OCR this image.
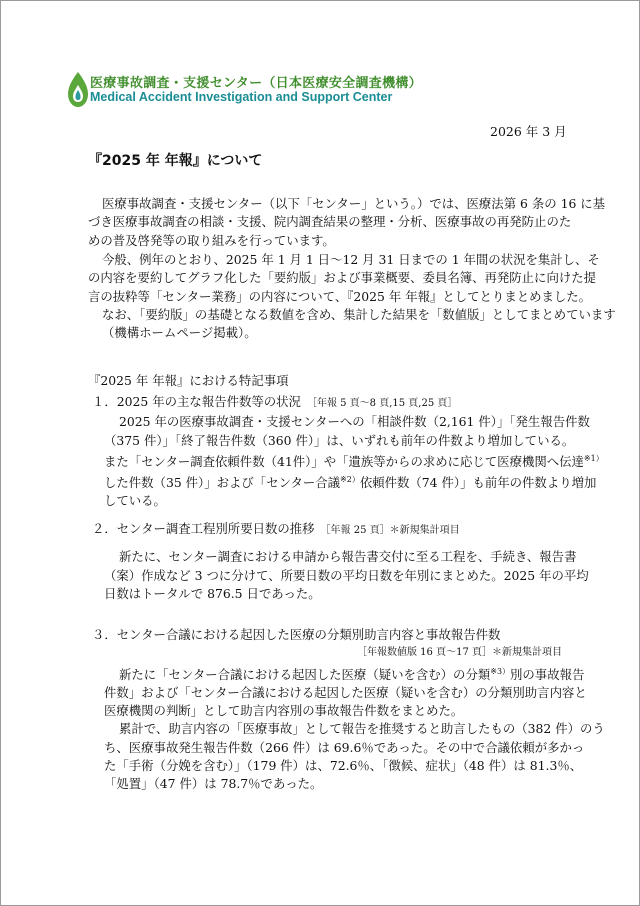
医療事故調査・支援センター（日本医療安全調査機構）
Medical Accident Investigation and Support Center
2026 年 3 月
『2025 年 年報』について
医療事故調査・支援センター（以下「センター」という。）では、医療法第 6 条の 16 に基
づき医療事故調査の相談・支援、院内調査結果の整理・分析、医療事故の再発防止のた
めの普及啓発等の取り組みを行っています。
今般、例年のとおり、2025 年 1 月 1 日～12 月 31 日までの 1 年間の状況を集計し、そ
の内容を要約してグラフ化した「要約版」および事業概要、委員名簿、再発防止に向けた提
言の抜粋等「センター業務」の内容について、『2025 年 年報』としてとりまとめました。
なお、「要約版」の基礎となる数値を含め、集計した結果を「数値版」としてまとめています
（機構ホームページ掲載）。
『2025 年 年報』における特記事項
１．2025 年の主な報告件数等の状況 ［年報 5 頁～8 頁,15 頁,25 頁］
2025 年の医療事故調査・支援センターへの「相談件数（2,161 件）」「発生報告件数
（375 件）」「終了報告件数（360 件）」は、いずれも前年の件数より増加している。
また「センター調査依頼件数（41件）」や「遺族等からの求めに応じて医療機関へ伝達$^{※1)}$
した件数（35 件）」および「センター合議$^{※2)}$依頼件数（74 件）」も前年の件数より増加
している。
２．センター調査工程別所要日数の推移 ［年報 25 頁］＊新規集計項目
新たに、センター調査における申請から報告書交付に至る工程を、手続き、報告書
（案）作成など 3 つに分けて、所要日数の平均日数を年別にまとめた。2025 年の平均
日数はトータルで 876.5 日であった。
３．センター合議における起因した医療の分類別助言内容と事故報告件数
［年報数値版 16 頁～17 頁］＊新規集計項目
新たに「センター合議における起因した医療（疑いを含む）の分類$^{※3)}$別の事故報告
件数」および「センター合議における起因した医療（疑いを含む）の分類別助言内容と
医療機関の判断」として助言内容別の事故報告件数をまとめた。
累計で、助言内容の「医療事故」として報告を推奨すると助言したもの（382 件）のう
ち、医療事故発生報告件数（266 件）は 69.6％であった。その中で合議依頼が多かっ
た「手術（分娩を含む）」（179 件）は、72.6％、「徴候、症状」（48 件）は 81.3％、
「処置」（47 件）は 78.7％であった。
